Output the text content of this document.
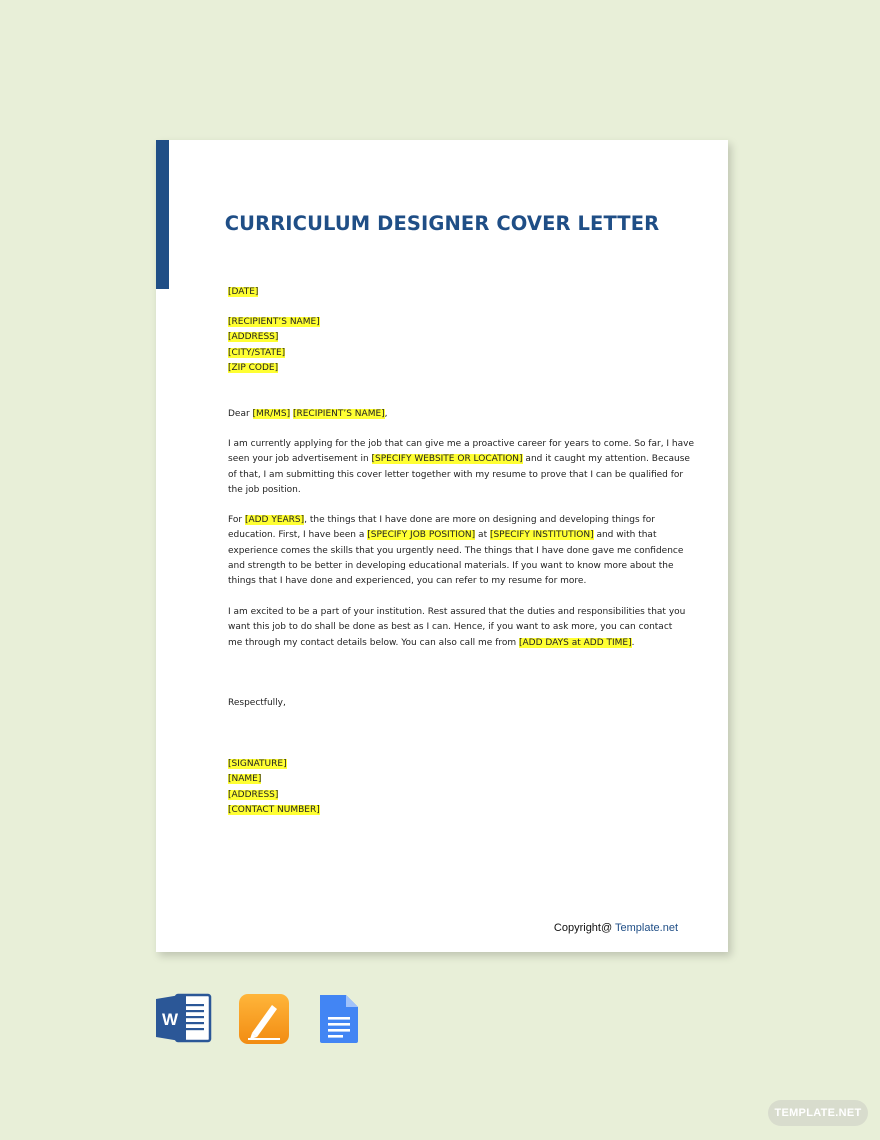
CURRICULUM DESIGNER COVER LETTER
[DATE]
[RECIPIENT’S NAME]
[ADDRESS]
[CITY/STATE]
[ZIP CODE]
Dear [MR/MS] [RECIPIENT’S NAME],
I am currently applying for the job that can give me a proactive career for years to come. So far, I have
seen your job advertisement in [SPECIFY WEBSITE OR LOCATION] and it caught my attention. Because
of that, I am submitting this cover letter together with my resume to prove that I can be qualified for
the job position.
For [ADD YEARS], the things that I have done are more on designing and developing things for
education. First, I have been a [SPECIFY JOB POSITION] at [SPECIFY INSTITUTION] and with that
experience comes the skills that you urgently need. The things that I have done gave me confidence
and strength to be better in developing educational materials. If you want to know more about the
things that I have done and experienced, you can refer to my resume for more.
I am excited to be a part of your institution. Rest assured that the duties and responsibilities that you
want this job to do shall be done as best as I can. Hence, if you want to ask more, you can contact
me through my contact details below. You can also call me from [ADD DAYS at ADD TIME].
Respectfully,
[SIGNATURE]
[NAME]
[ADDRESS]
[CONTACT NUMBER]
Copyright@ Template.net
W
TEMPLATE.NET
